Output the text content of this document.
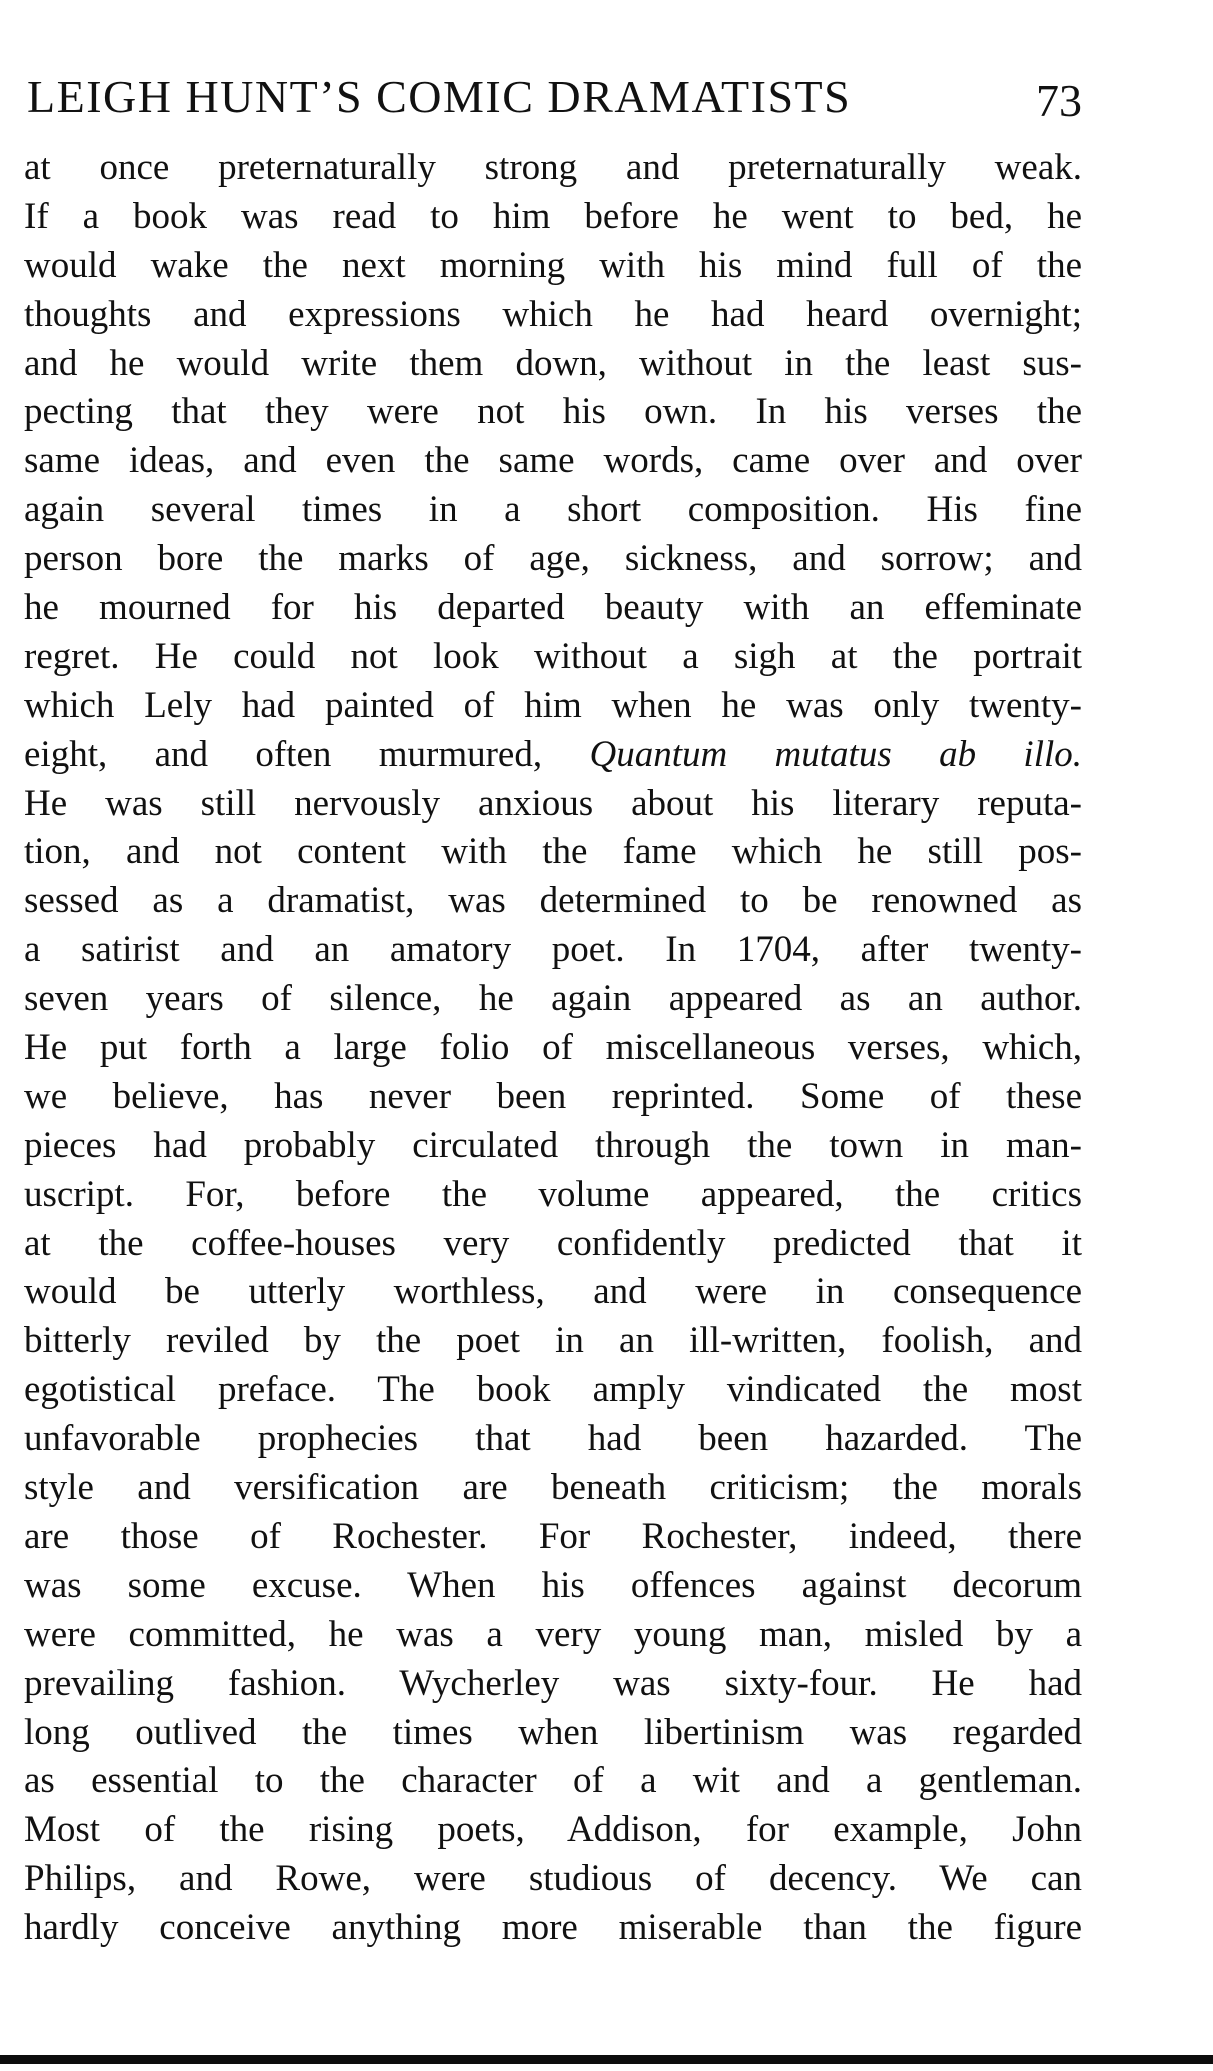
LEIGH HUNT’S COMIC DRAMATISTS	73
at once preternaturally strong and preternaturally weak.
If a book was read to him before he went to bed, he
would wake the next morning with his mind full of the
thoughts and expressions which he had heard overnight;
and he would write them down, without in the least sus-
pecting that they were not his own. In his verses the
same ideas, and even the same words, came over and over
again several times in a short composition. His fine
person bore the marks of age, sickness, and sorrow; and
he mourned for his departed beauty with an effeminate
regret. He could not look without a sigh at the portrait
which Lely had painted of him when he was only twenty-
eight, and often murmured, Quantum mutatus ab illo.
He was still nervously anxious about his literary reputa-
tion, and not content with the fame which he still pos-
sessed as a dramatist, was determined to be renowned as
a satirist and an amatory poet. In 1704, after twenty-
seven years of silence, he again appeared as an author.
He put forth a large folio of miscellaneous verses, which,
we believe, has never been reprinted. Some of these
pieces had probably circulated through the town in man-
uscript. For, before the volume appeared, the critics
at the coffee-houses very confidently predicted that it
would be utterly worthless, and were in consequence
bitterly reviled by the poet in an ill-written, foolish, and
egotistical preface. The book amply vindicated the most
unfavorable prophecies that had been hazarded. The
style and versification are beneath criticism; the morals
are those of Rochester. For Rochester, indeed, there
was some excuse. When his offences against decorum
were committed, he was a very young man, misled by a
prevailing fashion. Wycherley was sixty-four. He had
long outlived the times when libertinism was regarded
as essential to the character of a wit and a gentleman.
Most of the rising poets, Addison, for example, John
Philips, and Rowe, were studious of decency. We can
hardly conceive anything more miserable than the figure
